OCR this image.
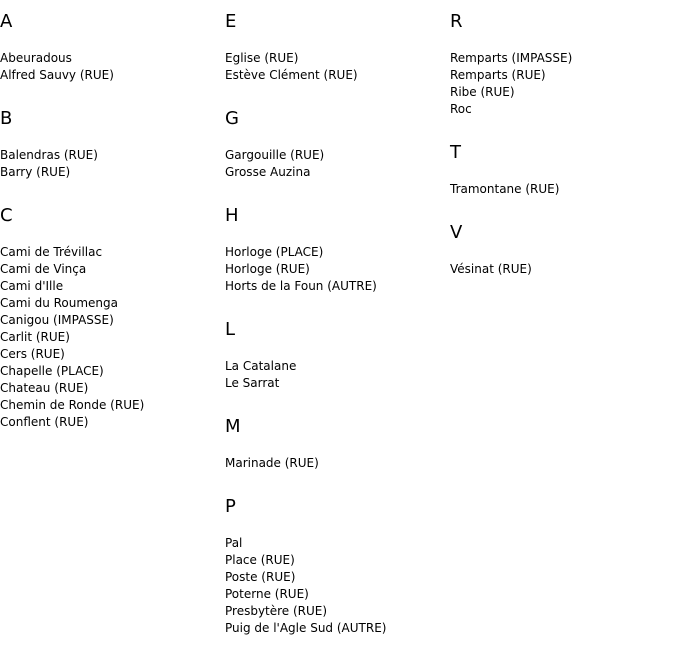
A
Abeuradous
Alfred Sauvy (RUE)
B
Balendras (RUE)
Barry (RUE)
C
Cami de Trévillac
Cami de Vinça
Cami d'Ille
Cami du Roumenga
Canigou (IMPASSE)
Carlit (RUE)
Cers (RUE)
Chapelle (PLACE)
Chateau (RUE)
Chemin de Ronde (RUE)
Conflent (RUE)
E
Eglise (RUE)
Estève Clément (RUE)
G
Gargouille (RUE)
Grosse Auzina
H
Horloge (PLACE)
Horloge (RUE)
Horts de la Foun (AUTRE)
L
La Catalane
Le Sarrat
M
Marinade (RUE)
P
Pal
Place (RUE)
Poste (RUE)
Poterne (RUE)
Presbytère (RUE)
Puig de l'Agle Sud (AUTRE)
R
Remparts (IMPASSE)
Remparts (RUE)
Ribe (RUE)
Roc
T
Tramontane (RUE)
V
Vésinat (RUE)
